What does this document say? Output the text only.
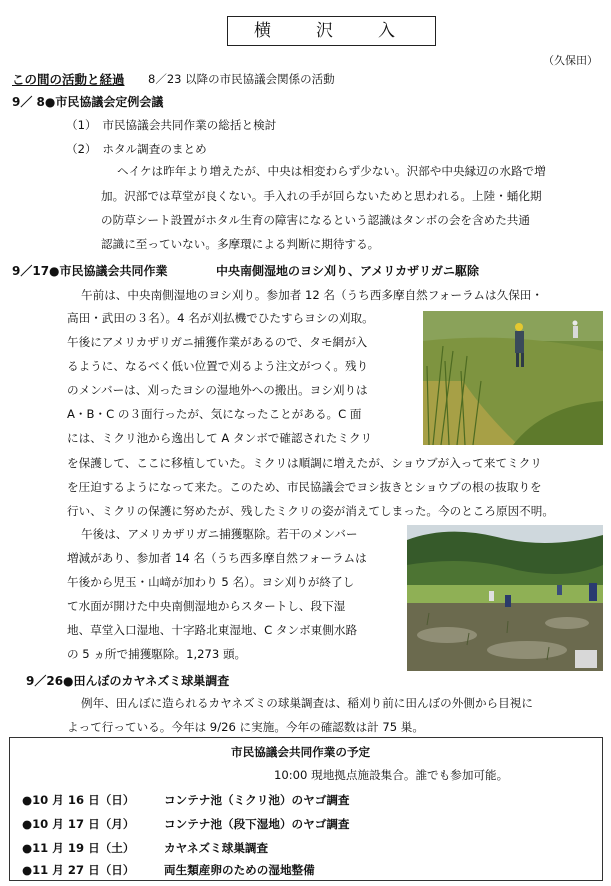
横　沢　入
（久保田）
この間の活動と経過 8／23 以降の市民協議会関係の活動
9／ 8●市民協議会定例会議
（1）　市民協議会共同作業の総括と検討
（2）　ホタル調査のまとめ
ヘイケは昨年より増えたが、中央は相変わらず少ない。沢部や中央縁辺の水路で増
加。沢部では草堂が良くない。手入れの手が回らないためと思われる。上陸・蛹化期
の防草シート設置がホタル生育の障害になるという認識はタンボの会を含めた共通
認識に至っていない。多摩環による判断に期待する。
9／17●市民協議会共同作業	中央南側湿地のヨシ刈り、アメリカザリガニ駆除
午前は、中央南側湿地のヨシ刈り。参加者 12 名（うち西多摩自然フォーラムは久保田・
高田・武田の３名）。4 名が刈払機でひたすらヨシの刈取。
午後にアメリカザリガニ捕獲作業があるので、タモ網が入
るように、なるべく低い位置で刈るよう注文がつく。残り
のメンバーは、刈ったヨシの湿地外への搬出。ヨシ刈りは
A・B・C の３面行ったが、気になったことがある。C 面
には、ミクリ池から逸出して A タンボで確認されたミクリ
を保護して、ここに移植していた。ミクリは順調に増えたが、ショウブが入って来てミクリ
を圧迫するようになって来た。このため、市民協議会でヨシ抜きとショウブの根の抜取りを
行い、ミクリの保護に努めたが、残したミクリの姿が消えてしまった。今のところ原因不明。
午後は、アメリカザリガニ捕獲駆除。若干のメンバー
増減があり、参加者 14 名（うち西多摩自然フォーラムは
午後から児玉・山﨑が加わり 5 名）。ヨシ刈りが終了し
て水面が開けた中央南側湿地からスタートし、段下湿
地、草堂入口湿地、十字路北東湿地、C タンボ東側水路
の 5 ヵ所で捕獲駆除。1,273 頭。
9／26●田んぼのカヤネズミ球巣調査
例年、田んぼに造られるカヤネズミの球巣調査は、稲刈り前に田んぼの外側から目視に
よって行っている。今年は 9/26 に実施。今年の確認数は計 75 巣。
市民協議会共同作業の予定
10:00 現地拠点施設集合。誰でも参加可能。
●10 月 16 日（日）	コンテナ池（ミクリ池）のヤゴ調査
●10 月 17 日（月）	コンテナ池（段下湿地）のヤゴ調査
●11 月 19 日（土）	カヤネズミ球巣調査
●11 月 27 日（日）	両生類産卵のための湿地整備
